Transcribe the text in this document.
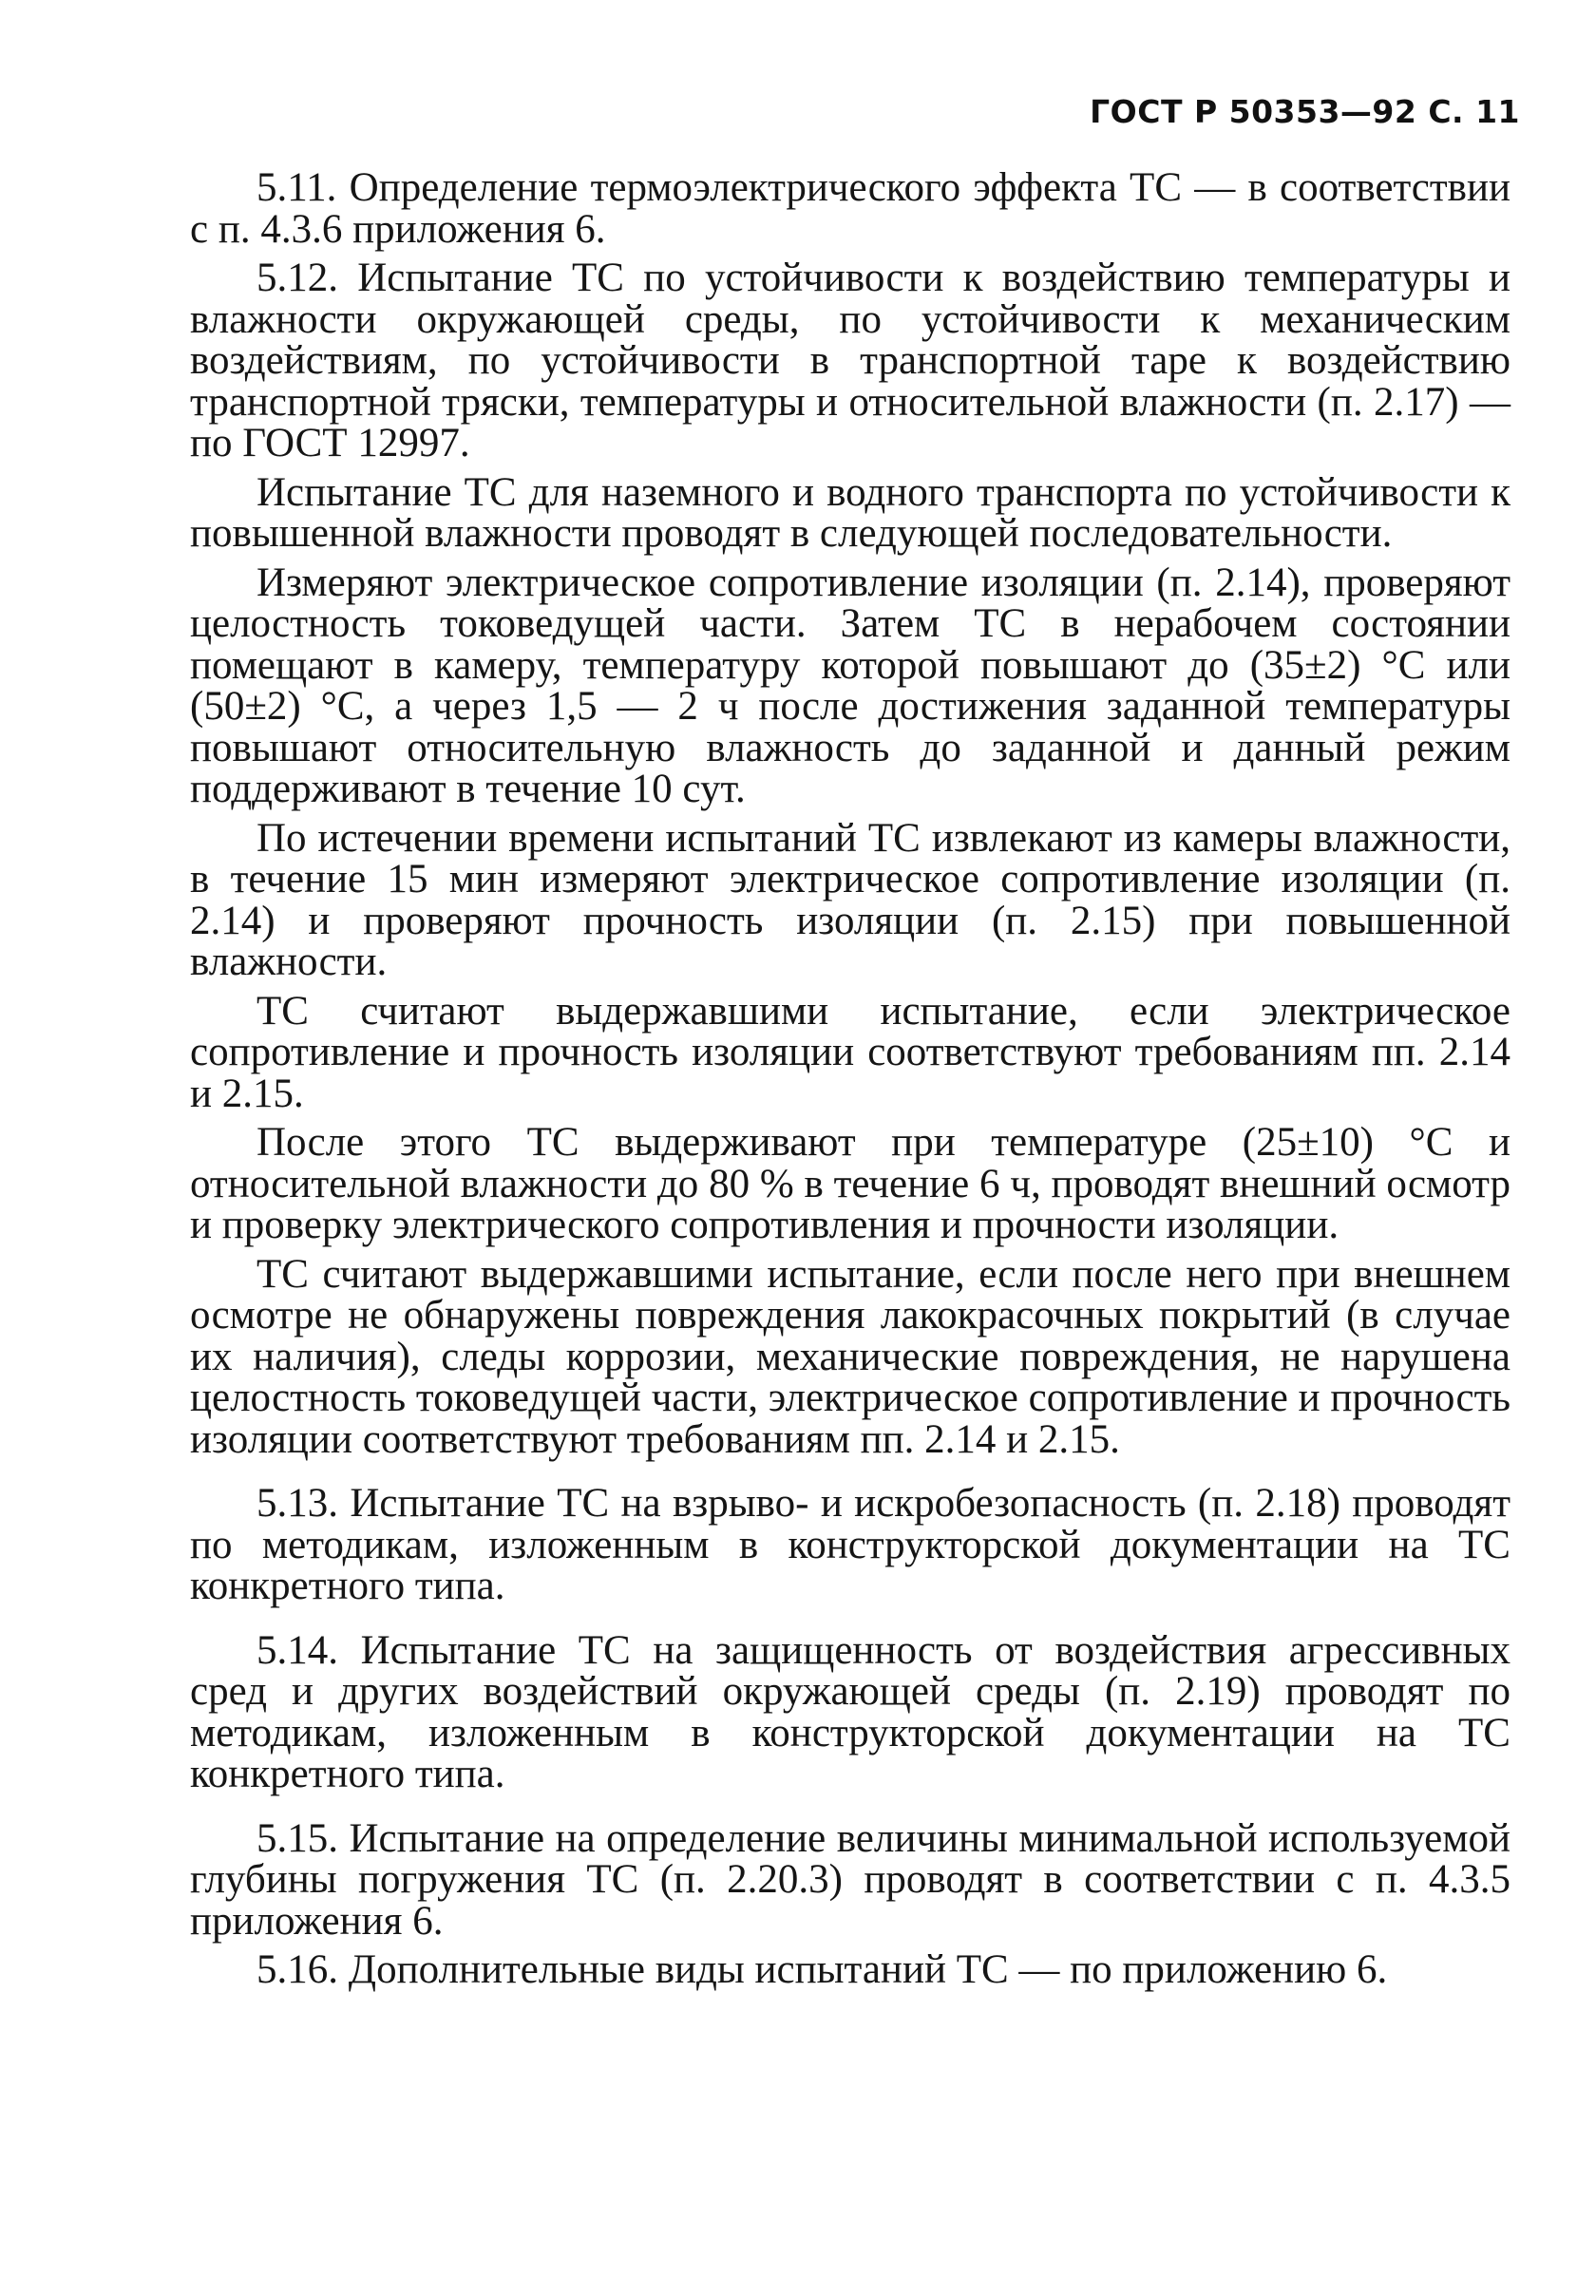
ГОСТ Р 50353—92 С. 11

5.11. Определение термоэлектрического эффекта ТС — в соответствии с п. 4.3.6 приложения 6.

5.12. Испытание ТС по устойчивости к воздействию температуры и влажности окружающей среды, по устойчивости к механическим воздействиям, по устойчивости в транспортной таре к воздействию транспортной тряски, температуры и относительной влажности (п. 2.17) — по ГОСТ 12997.

Испытание ТС для наземного и водного транспорта по устойчивости к повышенной влажности проводят в следующей последовательности.

Измеряют электрическое сопротивление изоляции (п. 2.14), проверяют целостность токоведущей части. Затем ТС в нерабочем состоянии помещают в камеру, температуру которой повышают до (35±2) °С или (50±2) °С, а через 1,5 — 2 ч после достижения заданной температуры повышают относительную влажность до заданной и данный режим поддерживают в течение 10 сут.

По истечении времени испытаний ТС извлекают из камеры влажности, в течение 15 мин измеряют электрическое сопротивление изоляции (п. 2.14) и проверяют прочность изоляции (п. 2.15) при повышенной влажности.

ТС считают выдержавшими испытание, если электрическое сопротивление и прочность изоляции соответствуют требованиям пп. 2.14 и 2.15.

После этого ТС выдерживают при температуре (25±10) °С и относительной влажности до 80 % в течение 6 ч, проводят внешний осмотр и проверку электрического сопротивления и прочности изоляции.

ТС считают выдержавшими испытание, если после него при внешнем осмотре не обнаружены повреждения лакокрасочных покрытий (в случае их наличия), следы коррозии, механические повреждения, не нарушена целостность токоведущей части, электрическое сопротивление и прочность изоляции соответствуют требованиям пп. 2.14 и 2.15.

5.13. Испытание ТС на взрыво- и искробезопасность (п. 2.18) проводят по методикам, изложенным в конструкторской документации на ТС конкретного типа.

5.14. Испытание ТС на защищенность от воздействия агрессивных сред и других воздействий окружающей среды (п. 2.19) проводят по методикам, изложенным в конструкторской документации на ТС конкретного типа.

5.15. Испытание на определение величины минимальной используемой глубины погружения ТС (п. 2.20.3) проводят в соответствии с п. 4.3.5 приложения 6.

5.16. Дополнительные виды испытаний ТС — по приложению 6.
